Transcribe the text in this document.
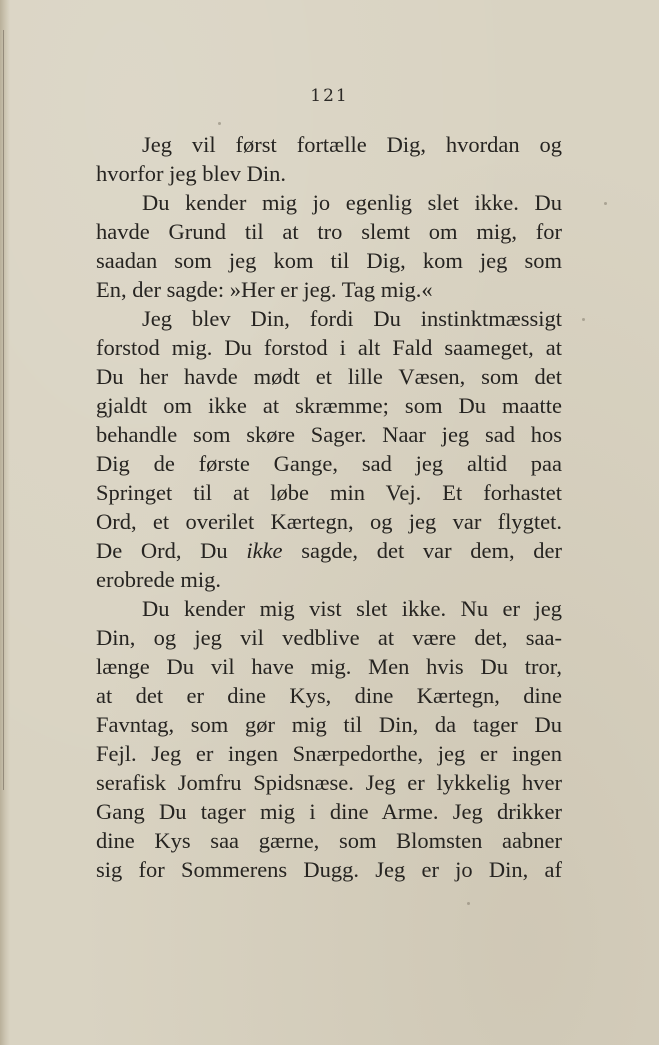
121
Jeg vil først fortælle Dig, hvordan og
hvorfor jeg blev Din.
Du kender mig jo egenlig slet ikke. Du
havde Grund til at tro slemt om mig, for
saadan som jeg kom til Dig, kom jeg som
En, der sagde: »Her er jeg. Tag mig.«
Jeg blev Din, fordi Du instinktmæssigt
forstod mig. Du forstod i alt Fald saameget, at
Du her havde mødt et lille Væsen, som det
gjaldt om ikke at skræmme; som Du maatte
behandle som skøre Sager. Naar jeg sad hos
Dig de første Gange, sad jeg altid paa
Springet til at løbe min Vej. Et forhastet
Ord, et overilet Kærtegn, og jeg var flygtet.
De Ord, Du ikke sagde, det var dem, der
erobrede mig.
Du kender mig vist slet ikke. Nu er jeg
Din, og jeg vil vedblive at være det, saa-
længe Du vil have mig. Men hvis Du tror,
at det er dine Kys, dine Kærtegn, dine
Favntag, som gør mig til Din, da tager Du
Fejl. Jeg er ingen Snærpedorthe, jeg er ingen
serafisk Jomfru Spidsnæse. Jeg er lykkelig hver
Gang Du tager mig i dine Arme. Jeg drikker
dine Kys saa gærne, som Blomsten aabner
sig for Sommerens Dugg. Jeg er jo Din, af
